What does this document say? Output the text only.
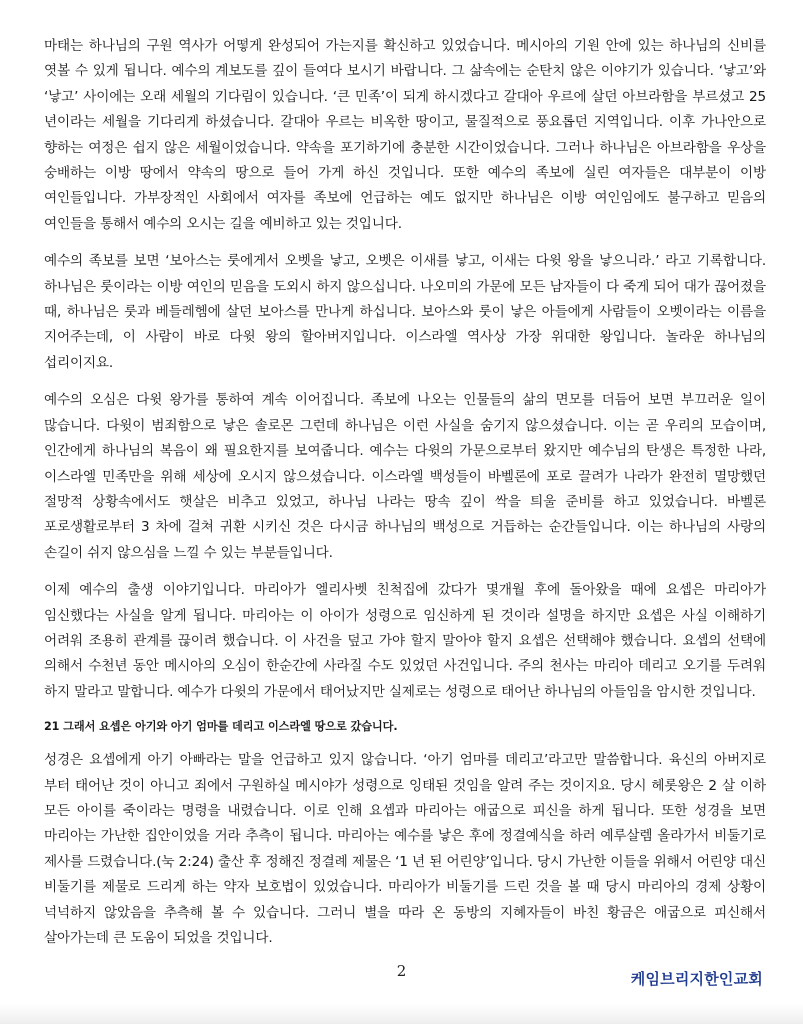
마태는 하나님의 구원 역사가 어떻게 완성되어 가는지를 확신하고 있었습니다. 메시아의 기원 안에 있는 하나님의 신비를 엿볼 수 있게 됩니다. 예수의 계보도를 깊이 들여다 보시기 바랍니다. 그 삶속에는 순탄치 않은 이야기가 있습니다. ‘낳고’와 ‘낳고’ 사이에는 오래 세월의 기다림이 있습니다. ‘큰 민족’이 되게 하시겠다고 갈대아 우르에 살던 아브라함을 부르셨고 25 년이라는 세월을 기다리게 하셨습니다. 갈대아 우르는 비옥한 땅이고, 물질적으로 풍요롭던 지역입니다. 이후 가나안으로 향하는 여정은 쉽지 않은 세월이었습니다. 약속을 포기하기에 충분한 시간이었습니다. 그러나 하나님은 아브라함을 우상을 숭배하는 이방 땅에서 약속의 땅으로 들어 가게 하신 것입니다. 또한 예수의 족보에 실린 여자들은 대부분이 이방 여인들입니다. 가부장적인 사회에서 여자를 족보에 언급하는 예도 없지만 하나님은 이방 여인임에도 불구하고 믿음의 여인들을 통해서 예수의 오시는 길을 예비하고 있는 것입니다.

예수의 족보를 보면 ‘보아스는 룻에게서 오벳을 낳고, 오벳은 이새를 낳고, 이새는 다윗 왕을 낳으니라.’ 라고 기록합니다. 하나님은 룻이라는 이방 여인의 믿음을 도외시 하지 않으십니다. 나오미의 가문에 모든 남자들이 다 죽게 되어 대가 끊어졌을 때, 하나님은 룻과 베들레헴에 살던 보아스를 만나게 하십니다. 보아스와 룻이 낳은 아들에게 사람들이 오벳이라는 이름을 지어주는데, 이 사람이 바로 다윗 왕의 할아버지입니다. 이스라엘 역사상 가장 위대한 왕입니다. 놀라운 하나님의 섭리이지요.

예수의 오심은 다윗 왕가를 통하여 계속 이어집니다. 족보에 나오는 인물들의 삶의 면모를 더듬어 보면 부끄러운 일이 많습니다. 다윗이 범죄함으로 낳은 솔로몬 그런데 하나님은 이런 사실을 숨기지 않으셨습니다. 이는 곧 우리의 모습이며, 인간에게 하나님의 복음이 왜 필요한지를 보여줍니다. 예수는 다윗의 가문으로부터 왔지만 예수님의 탄생은 특정한 나라, 이스라엘 민족만을 위해 세상에 오시지 않으셨습니다. 이스라엘 백성들이 바벨론에 포로 끌려가 나라가 완전히 멸망했던 절망적 상황속에서도 햇살은 비추고 있었고, 하나님 나라는 땅속 깊이 싹을 틔울 준비를 하고 있었습니다. 바벨론 포로생활로부터 3 차에 걸쳐 귀환 시키신 것은 다시금 하나님의 백성으로 거듭하는 순간들입니다. 이는 하나님의 사랑의 손길이 쉬지 않으심을 느낄 수 있는 부분들입니다.

이제 예수의 출생 이야기입니다. 마리아가 엘리사벳 친척집에 갔다가 몇개월 후에 돌아왔을 때에 요셉은 마리아가 임신했다는 사실을 알게 됩니다. 마리아는 이 아이가 성령으로 임신하게 된 것이라 설명을 하지만 요셉은 사실 이해하기 어려워 조용히 관계를 끊이려 했습니다. 이 사건을 덮고 가야 할지 말아야 할지 요셉은 선택해야 했습니다. 요셉의 선택에 의해서 수천년 동안 메시아의 오심이 한순간에 사라질 수도 있었던 사건입니다. 주의 천사는 마리아 데리고 오기를 두려워 하지 말라고 말합니다. 예수가 다윗의 가문에서 태어났지만 실제로는 성령으로 태어난 하나님의 아들임을 암시한 것입니다.

21 그래서 요셉은 아기와 아기 엄마를 데리고 이스라엘 땅으로 갔습니다.

성경은 요셉에게 아기 아빠라는 말을 언급하고 있지 않습니다. ‘아기 엄마를 데리고’라고만 말씀합니다. 육신의 아버지로 부터 태어난 것이 아니고 죄에서 구원하실 메시야가 성령으로 잉태된 것임을 알려 주는 것이지요. 당시 헤롯왕은 2 살 이하 모든 아이를 죽이라는 명령을 내렸습니다. 이로 인해 요셉과 마리아는 애굽으로 피신을 하게 됩니다. 또한 성경을 보면 마리아는 가난한 집안이었을 거라 추측이 됩니다. 마리아는 예수를 낳은 후에 정결예식을 하러 예루살렘 올라가서 비둘기로 제사를 드렸습니다.(눅 2:24) 출산 후 정해진 정결례 제물은 ‘1 년 된 어린양’입니다. 당시 가난한 이들을 위해서 어린양 대신 비둘기를 제물로 드리게 하는 약자 보호법이 있었습니다. 마리아가 비둘기를 드린 것을 볼 때 당시 마리아의 경제 상황이 넉넉하지 않았음을 추측해 볼 수 있습니다. 그러니 별을 따라 온 동방의 지혜자들이 바친 황금은 애굽으로 피신해서 살아가는데 큰 도움이 되었을 것입니다.

2	케임브리지한인교회
